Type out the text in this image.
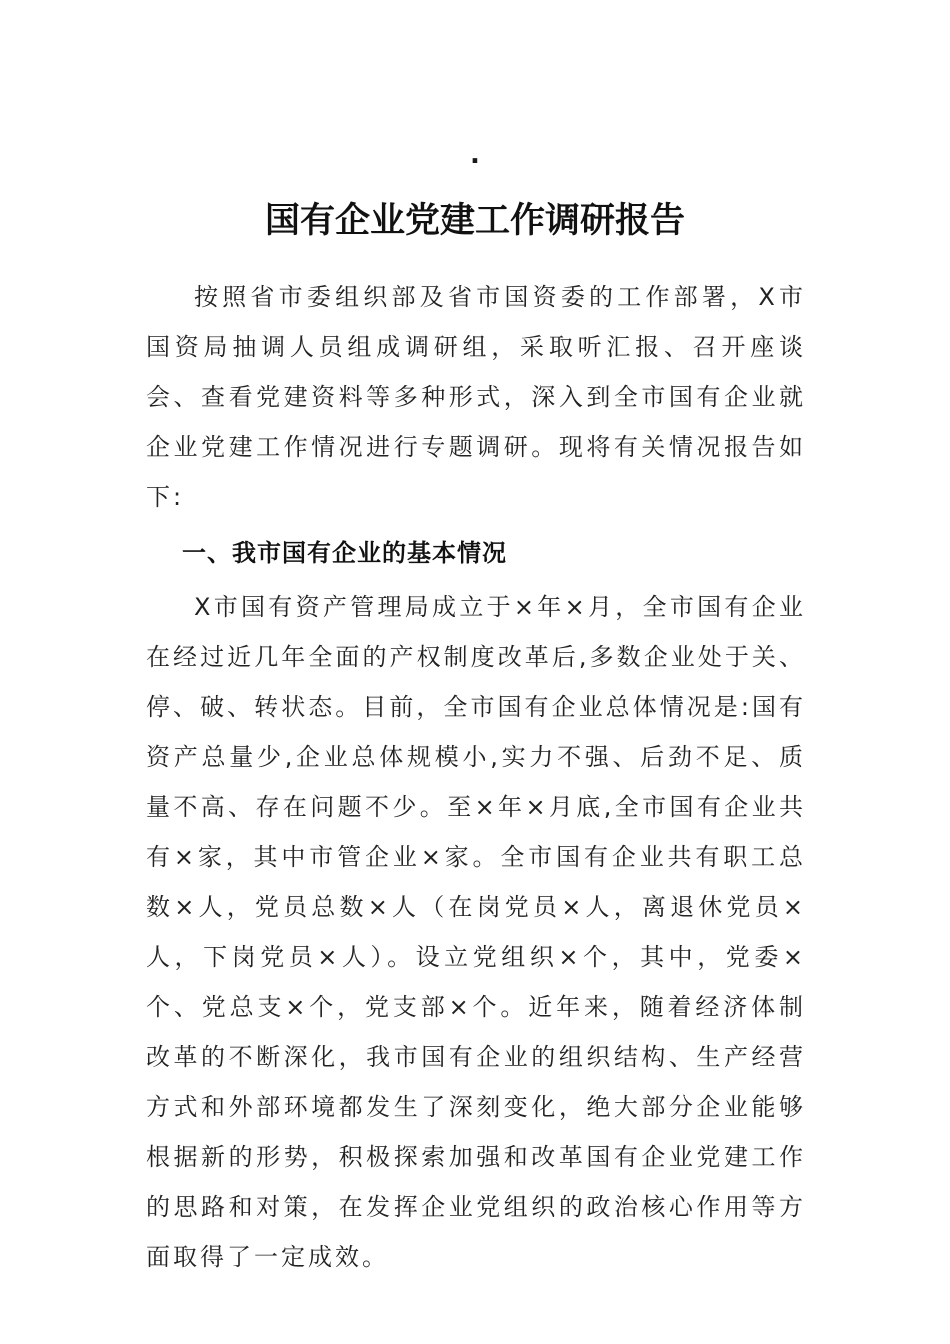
.
国有企业党建工作调研报告

按照省市委组织部及省市国资委的工作部署，X市国资局抽调人员组成调研组，采取听汇报、召开座谈会、查看党建资料等多种形式，深入到全市国有企业就企业党建工作情况进行专题调研。现将有关情况报告如下:

一、我市国有企业的基本情况

X市国有资产管理局成立于×年×月，全市国有企业在经过近几年全面的产权制度改革后,多数企业处于关、停、破、转状态。目前，全市国有企业总体情况是:国有资产总量少,企业总体规模小,实力不强、后劲不足、质量不高、存在问题不少。至×年×月底,全市国有企业共有×家，其中市管企业×家。全市国有企业共有职工总数×人，党员总数×人（在岗党员×人，离退休党员×人，下岗党员×人）。设立党组织×个，其中，党委×个、党总支×个，党支部×个。近年来，随着经济体制改革的不断深化，我市国有企业的组织结构、生产经营方式和外部环境都发生了深刻变化，绝大部分企业能够根据新的形势，积极探索加强和改革国有企业党建工作的思路和对策，在发挥企业党组织的政治核心作用等方面取得了一定成效。
